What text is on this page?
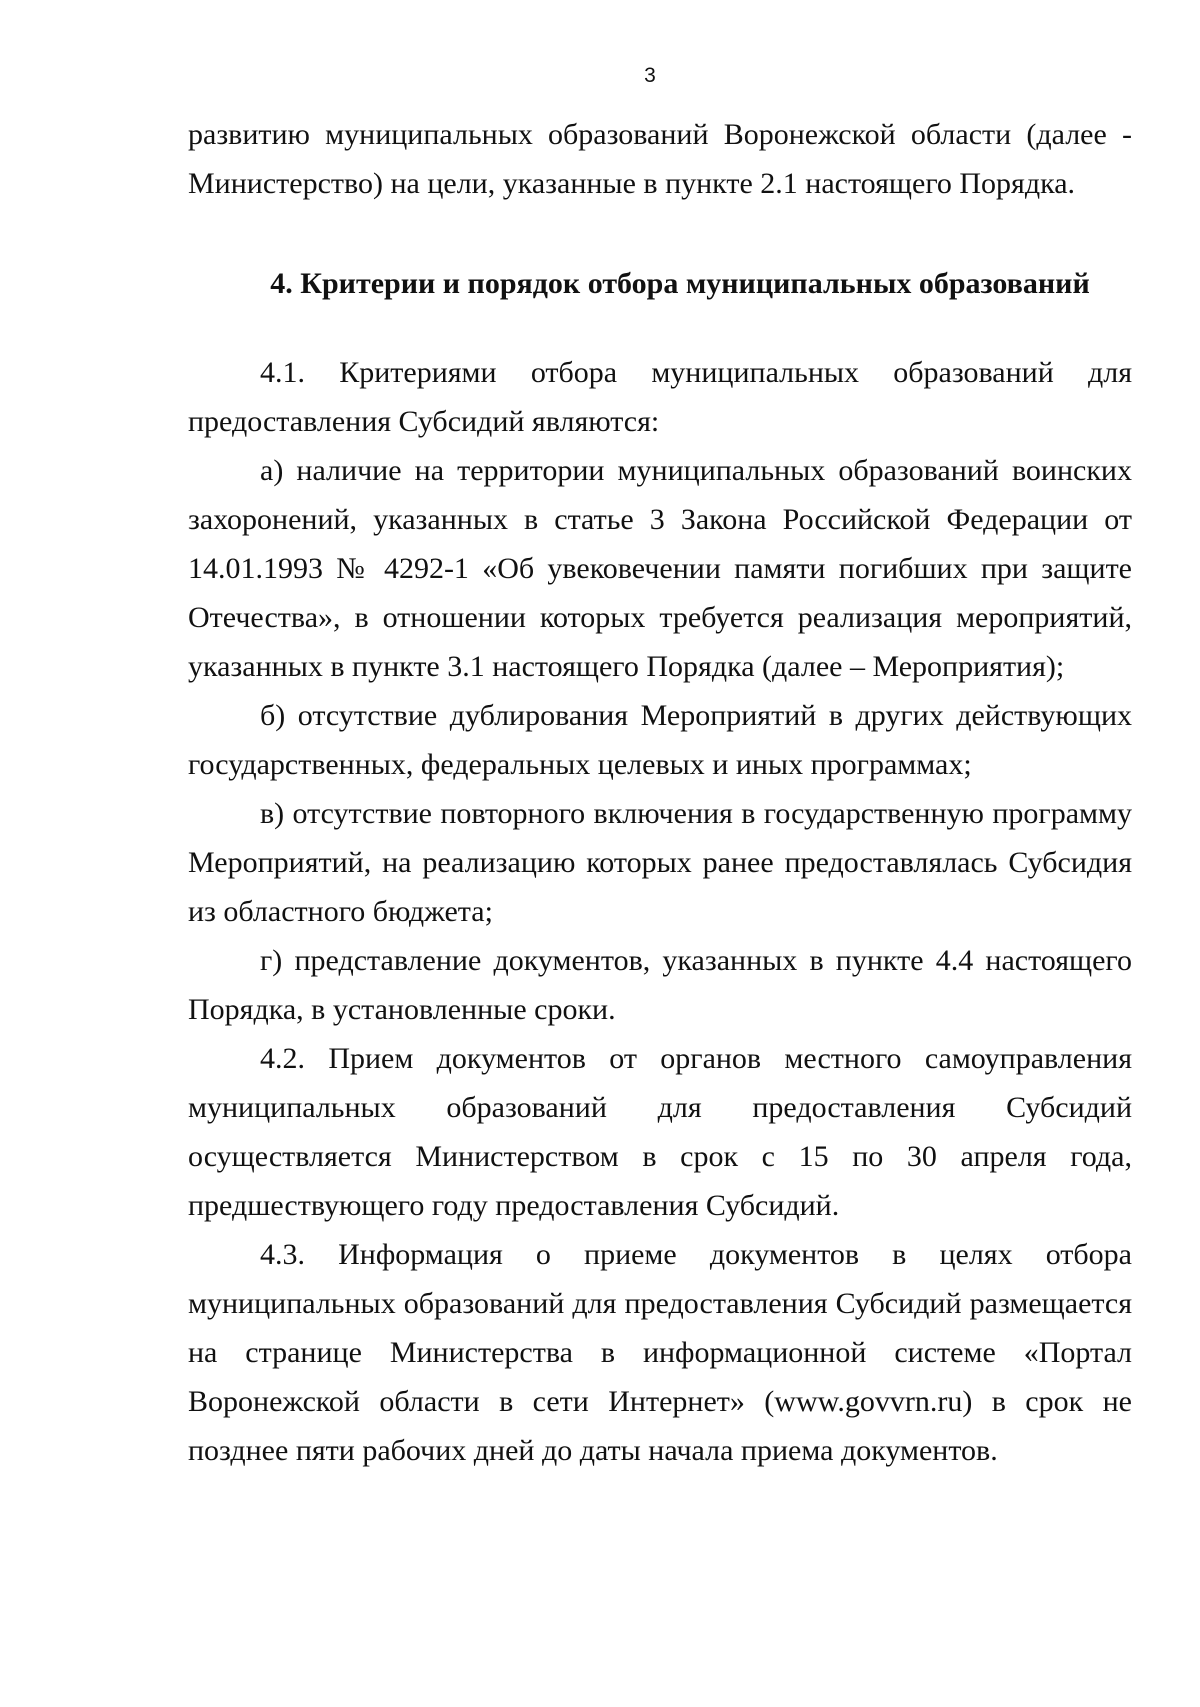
3

развитию муниципальных образований Воронежской области (далее -

Министерство) на цели, указанные в пункте 2.1 настоящего Порядка.

4. Критерии и порядок отбора муниципальных образований

4.1. Критериями отбора муниципальных образований для

предоставления Субсидий являются:

а) наличие на территории муниципальных образований воинских захоронений, указанных в статье 3 Закона Российской Федерации от 14.01.1993 № 4292-1 «Об увековечении памяти погибших при защите Отечества», в отношении которых требуется реализация мероприятий, указанных в пункте 3.1 настоящего Порядка (далее – Мероприятия);

б) отсутствие дублирования Мероприятий в других действующих государственных, федеральных целевых и иных программах;

в) отсутствие повторного включения в государственную программу Мероприятий, на реализацию которых ранее предоставлялась Субсидия из областного бюджета;

г) представление документов, указанных в пункте 4.4 настоящего Порядка, в установленные сроки.

4.2. Прием документов от органов местного самоуправления муниципальных образований для предоставления Субсидий осуществляется Министерством в срок с 15 по 30 апреля года, предшествующего году предоставления Субсидий.

4.3. Информация о приеме документов в целях отбора муниципальных образований для предоставления Субсидий размещается на странице Министерства в информационной системе «Портал Воронежской области в сети Интернет» (www.govvrn.ru) в срок не позднее пяти рабочих дней до даты начала приема документов.
